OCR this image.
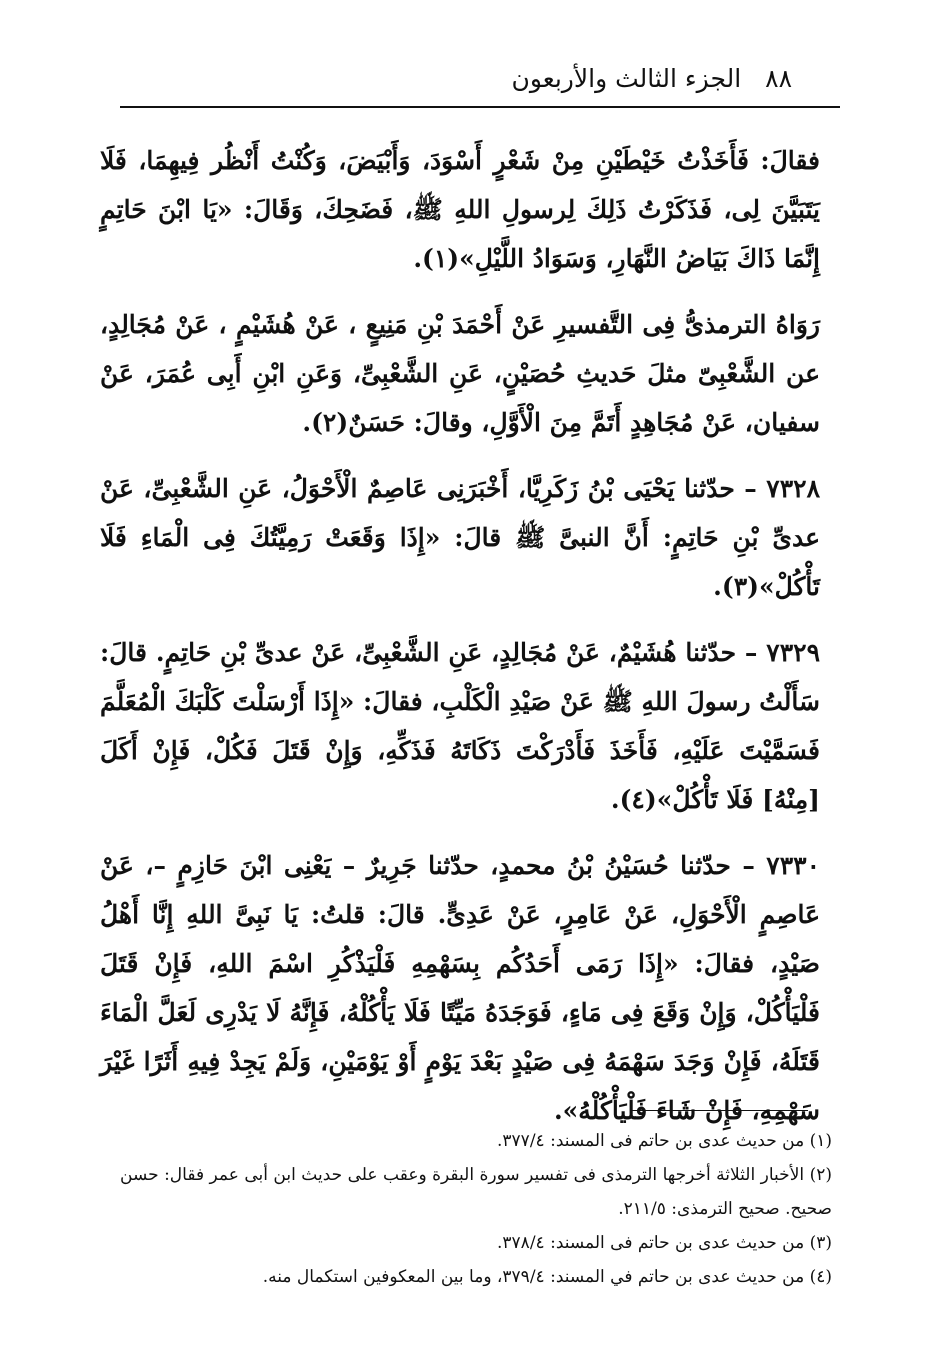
٨٨ الجزء الثالث والأربعون

فقالَ: فَأَخَذْتُ خَيْطَيْنِ مِنْ شَعْرٍ أَسْوَدَ، وَأَبْيَضَ، وَكُنْتُ أَنْظُر فِيهِمَا، فَلَا يَتَبَيَّنَ لِى، فَذَكَرْتُ ذَلِكَ لِرسولِ اللهِ ﷺ، فَضَحِكَ، وَقَالَ: «يَا ابْنَ حَاتِمٍ إِنَّمَا ذَاكَ بَيَاضُ النَّهَارِ، وَسَوَادُ اللَّيْلِ»(١).

رَوَاهُ الترمذىُّ فِى التَّفسيرِ عَنْ أَحْمَدَ بْنِ مَنِيعٍ ، عَنْ هُشَيْمٍ ، عَنْ مُجَالِدٍ، عن الشَّعْبِىّ مثلَ حَديثِ حُصَيْنٍ، عَنِ الشَّعْبِىِّ، وَعَنِ ابْنِ أَبِى عُمَرَ، عَنْ سفيان، عَنْ مُجَاهِدٍ أَتَمَّ مِنَ الْأَوَّلِ، وقالَ: حَسَنٌ(٢).

٧٣٢٨ – حدّثنا يَحْيَى بْنُ زَكَرِيَّا، أَخْبَرَنِى عَاصِمٌ الْأَحْوَلُ، عَنِ الشَّعْبِىِّ، عَنْ عدىِّ بْنِ حَاتِمٍ: أَنَّ النبىَّ ﷺ قالَ: «إِذَا وَقَعَتْ رَمِيَّتُكَ فِى الْمَاءِ فَلَا تَأْكُلْ»(٣).

٧٣٢٩ – حدّثنا هُشَيْمٌ، عَنْ مُجَالِدٍ، عَنِ الشَّعْبِىِّ، عَنْ عدىِّ بْنِ حَاتِمٍ. قالَ: سَأَلْتُ رسولَ اللهِ ﷺ عَنْ صَيْدِ الْكَلْبِ، فقالَ: «إِذَا أَرْسَلْتَ كَلْبَكَ الْمُعَلَّمَ فَسَمَّيْتَ عَلَيْهِ، فَأَخَذَ فَأَدْرَكْتَ ذَكَاتَهُ فَذَكِّهِ، وَإِنْ قَتَلَ فَكُلْ، فَإِنْ أَكَلَ [مِنْهُ] فَلَا تَأْكُلْ»(٤).

٧٣٣٠ – حدّثنا حُسَيْنُ بْنُ محمدٍ، حدّثنا جَرِيرٌ – يَعْنِى ابْنَ حَازِمٍ –، عَنْ عَاصِمٍ الْأَحْوَلِ، عَنْ عَامِرٍ، عَنْ عَدِىٍّ. قالَ: قلتُ: يَا نَبِىَّ اللهِ إِنَّا أَهْلُ صَيْدٍ، فقالَ: «إِذَا رَمَى أَحَدُكُم بِسَهْمِهِ فَلْيَذْكُرِ اسْمَ اللهِ، فَإِنْ قَتَلَ فَلْيَأْكُلْ، وَإِنْ وَقَعَ فِى مَاءٍ، فَوَجَدَهُ مَيِّتًا فَلَا يَأْكُلْهُ، فَإِنَّهُ لَا يَدْرِى لَعَلَّ الْمَاءَ قَتَلَهُ، فَإِنْ وَجَدَ سَهْمَهُ فِى صَيْدٍ بَعْدَ يَوْمٍ أَوْ يَوْمَيْنِ، وَلَمْ يَجِدْ فِيهِ أَثَرًا غَيْرَ سَهْمِهِ، فَإِنْ شَاءَ فَلْيَأْكُلْهُ».

(١) من حديث عدى بن حاتم فى المسند: ٣٧٧/٤.

(٢) الأخبار الثلاثة أخرجها الترمذى فى تفسير سورة البقرة وعقب على حديث ابن أبى عمر فقال: حسن صحيح. صحيح الترمذى: ٢١١/٥.

(٣) من حديث عدى بن حاتم فى المسند: ٣٧٨/٤.

(٤) من حديث عدى بن حاتم في المسند: ٣٧٩/٤، وما بين المعكوفين استكمال منه.
